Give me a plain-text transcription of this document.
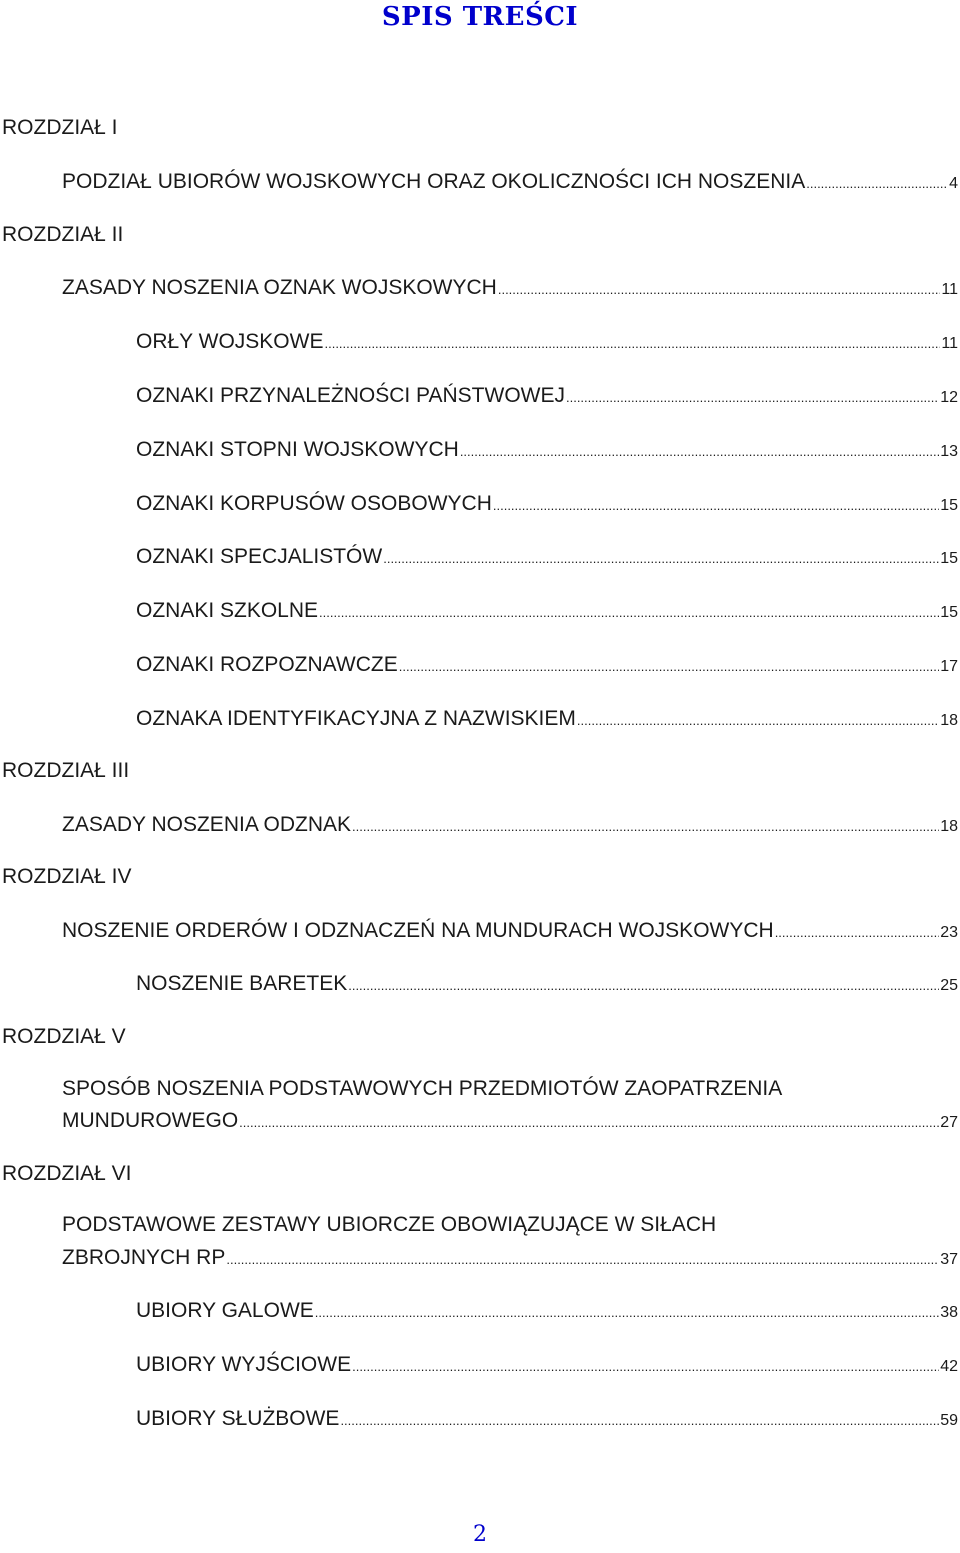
SPIS TREŚCI
ROZDZIAŁ I
PODZIAŁ UBIORÓW WOJSKOWYCH ORAZ OKOLICZNOŚCI ICH NOSZENIA .....	4
ROZDZIAŁ II
ZASADY NOSZENIA OZNAK WOJSKOWYCH .....	11
ORŁY WOJSKOWE .....	11
OZNAKI PRZYNALEŻNOŚCI PAŃSTWOWEJ .....	12
OZNAKI STOPNI WOJSKOWYCH .....	13
OZNAKI KORPUSÓW OSOBOWYCH .....	15
OZNAKI SPECJALISTÓW .....	15
OZNAKI SZKOLNE .....	15
OZNAKI ROZPOZNAWCZE .....	17
OZNAKA IDENTYFIKACYJNA Z NAZWISKIEM .....	18
ROZDZIAŁ III
ZASADY NOSZENIA ODZNAK .....	18
ROZDZIAŁ IV
NOSZENIE ORDERÓW I ODZNACZEŃ NA MUNDURACH WOJSKOWYCH .....	23
NOSZENIE BARETEK .....	25
ROZDZIAŁ V
SPOSÓB NOSZENIA PODSTAWOWYCH PRZEDMIOTÓW ZAOPATRZENIA
MUNDUROWEGO .....	27
ROZDZIAŁ VI
PODSTAWOWE ZESTAWY UBIORCZE OBOWIĄZUJĄCE W SIŁACH
ZBROJNYCH RP .....	37
UBIORY GALOWE .....	38
UBIORY WYJŚCIOWE .....	42
UBIORY SŁUŻBOWE .....	59
2
